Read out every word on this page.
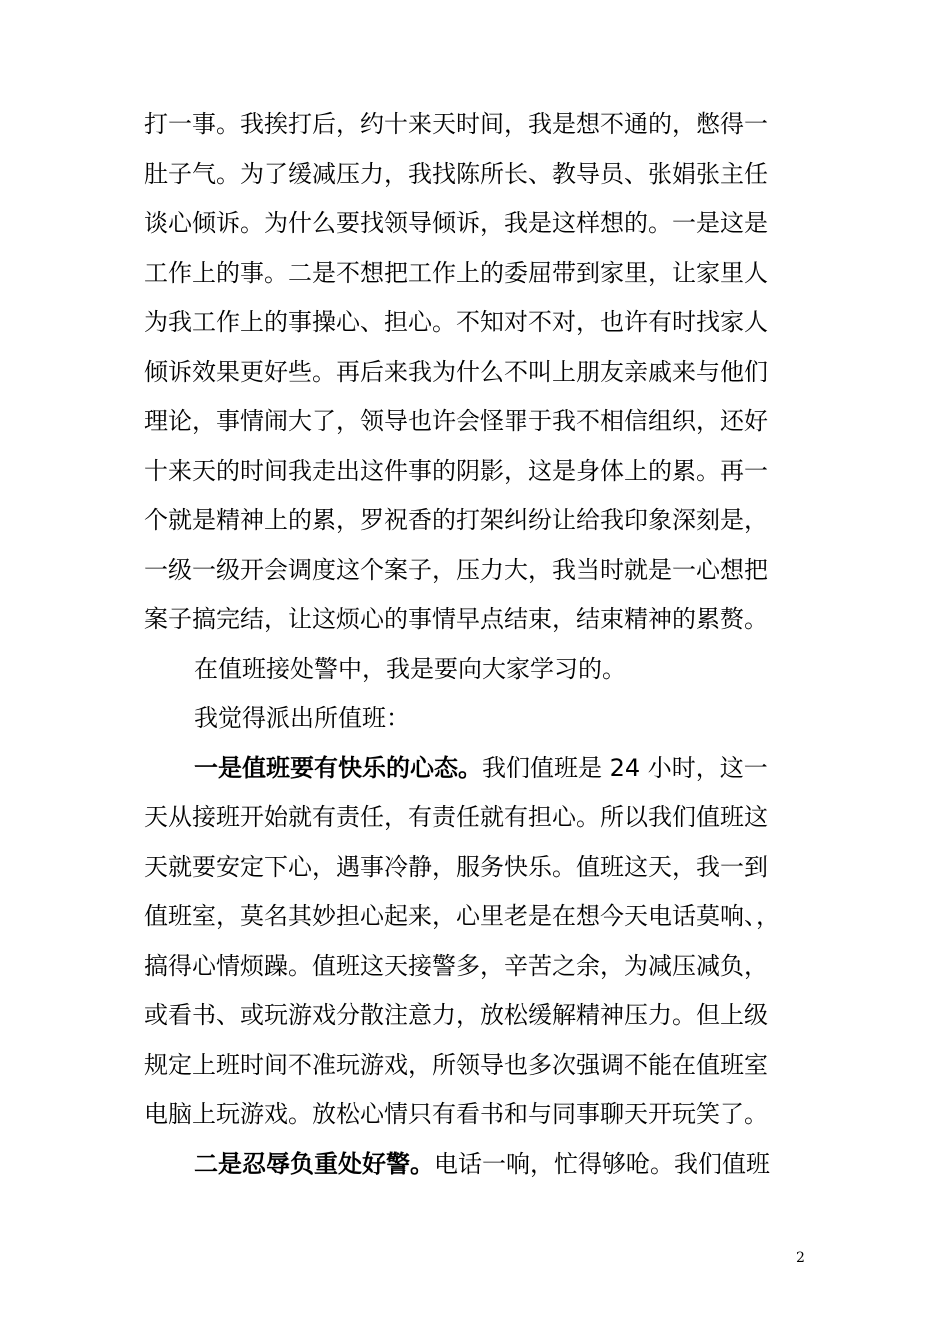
打一事。我挨打后，约十来天时间，我是想不通的，憋得一
肚子气。为了缓减压力，我找陈所长、教导员、张娟张主任
谈心倾诉。为什么要找领导倾诉，我是这样想的。一是这是
工作上的事。二是不想把工作上的委屈带到家里，让家里人
为我工作上的事操心、担心。不知对不对，也许有时找家人
倾诉效果更好些。再后来我为什么不叫上朋友亲戚来与他们
理论，事情闹大了，领导也许会怪罪于我不相信组织，还好
十来天的时间我走出这件事的阴影，这是身体上的累。再一
个就是精神上的累，罗祝香的打架纠纷让给我印象深刻是，
一级一级开会调度这个案子，压力大，我当时就是一心想把
案子搞完结，让这烦心的事情早点结束，结束精神的累赘。
在值班接处警中，我是要向大家学习的。
我觉得派出所值班：
一是值班要有快乐的心态。我们值班是 24 小时，这一
天从接班开始就有责任，有责任就有担心。所以我们值班这
天就要安定下心，遇事冷静，服务快乐。值班这天，我一到
值班室，莫名其妙担心起来，心里老是在想今天电话莫响、，
搞得心情烦躁。值班这天接警多，辛苦之余，为减压减负，
或看书、或玩游戏分散注意力，放松缓解精神压力。但上级
规定上班时间不准玩游戏，所领导也多次强调不能在值班室
电脑上玩游戏。放松心情只有看书和与同事聊天开玩笑了。
二是忍辱负重处好警。电话一响，忙得够呛。我们值班
2
